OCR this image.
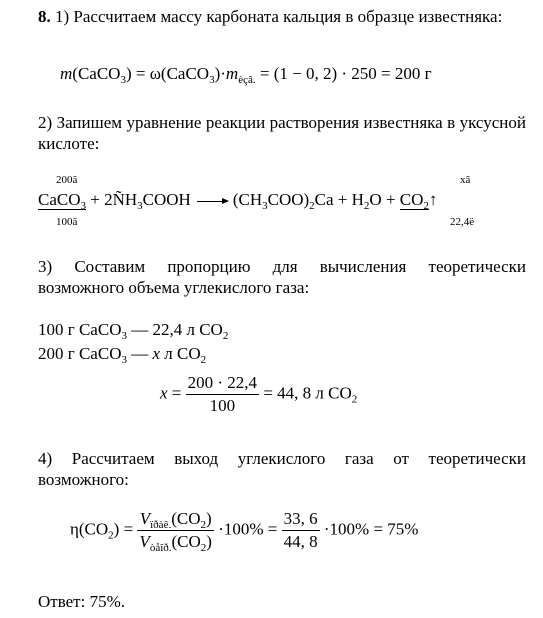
8. 1) Рассчитаем массу карбоната кальция в образце известняка:
m(CaCO$_3$) = $\omega(CaCO_3)\cdot m_{èçâ.} = (1 - 0$, 2) · 250 = 200 г
2) Запишем уравнение реакции растворения известняка в уксусной кислоте:
200ã	xã
CaCO$_3$ + $2ÑH_3COOH \to (CH_3COO)_2Ca + H_2O$ + $CO_2↑$
100ã	22,4ë
3) Составим пропорцию для вычисления теоретически возможного объема углекислого газа:
100 г CaCO$_3$ — 22,4 л $CO_2$
200 г CaCO$_3$ — x л $CO_2$
$x = \frac{200 \cdot 22,4}{100} = 44$, 8 л $CO_2$
4) Рассчитаем выход углекислого газа от теоретически возможного:
$\eta(CO_2) = \frac{V_{ïðàê.}(CO_2)}{V_{òåîð.}(CO_2)} \cdot 100\% = \frac{33, 6}{44, 8} \cdot 100\% = 75\%$
Ответ: 75%.
